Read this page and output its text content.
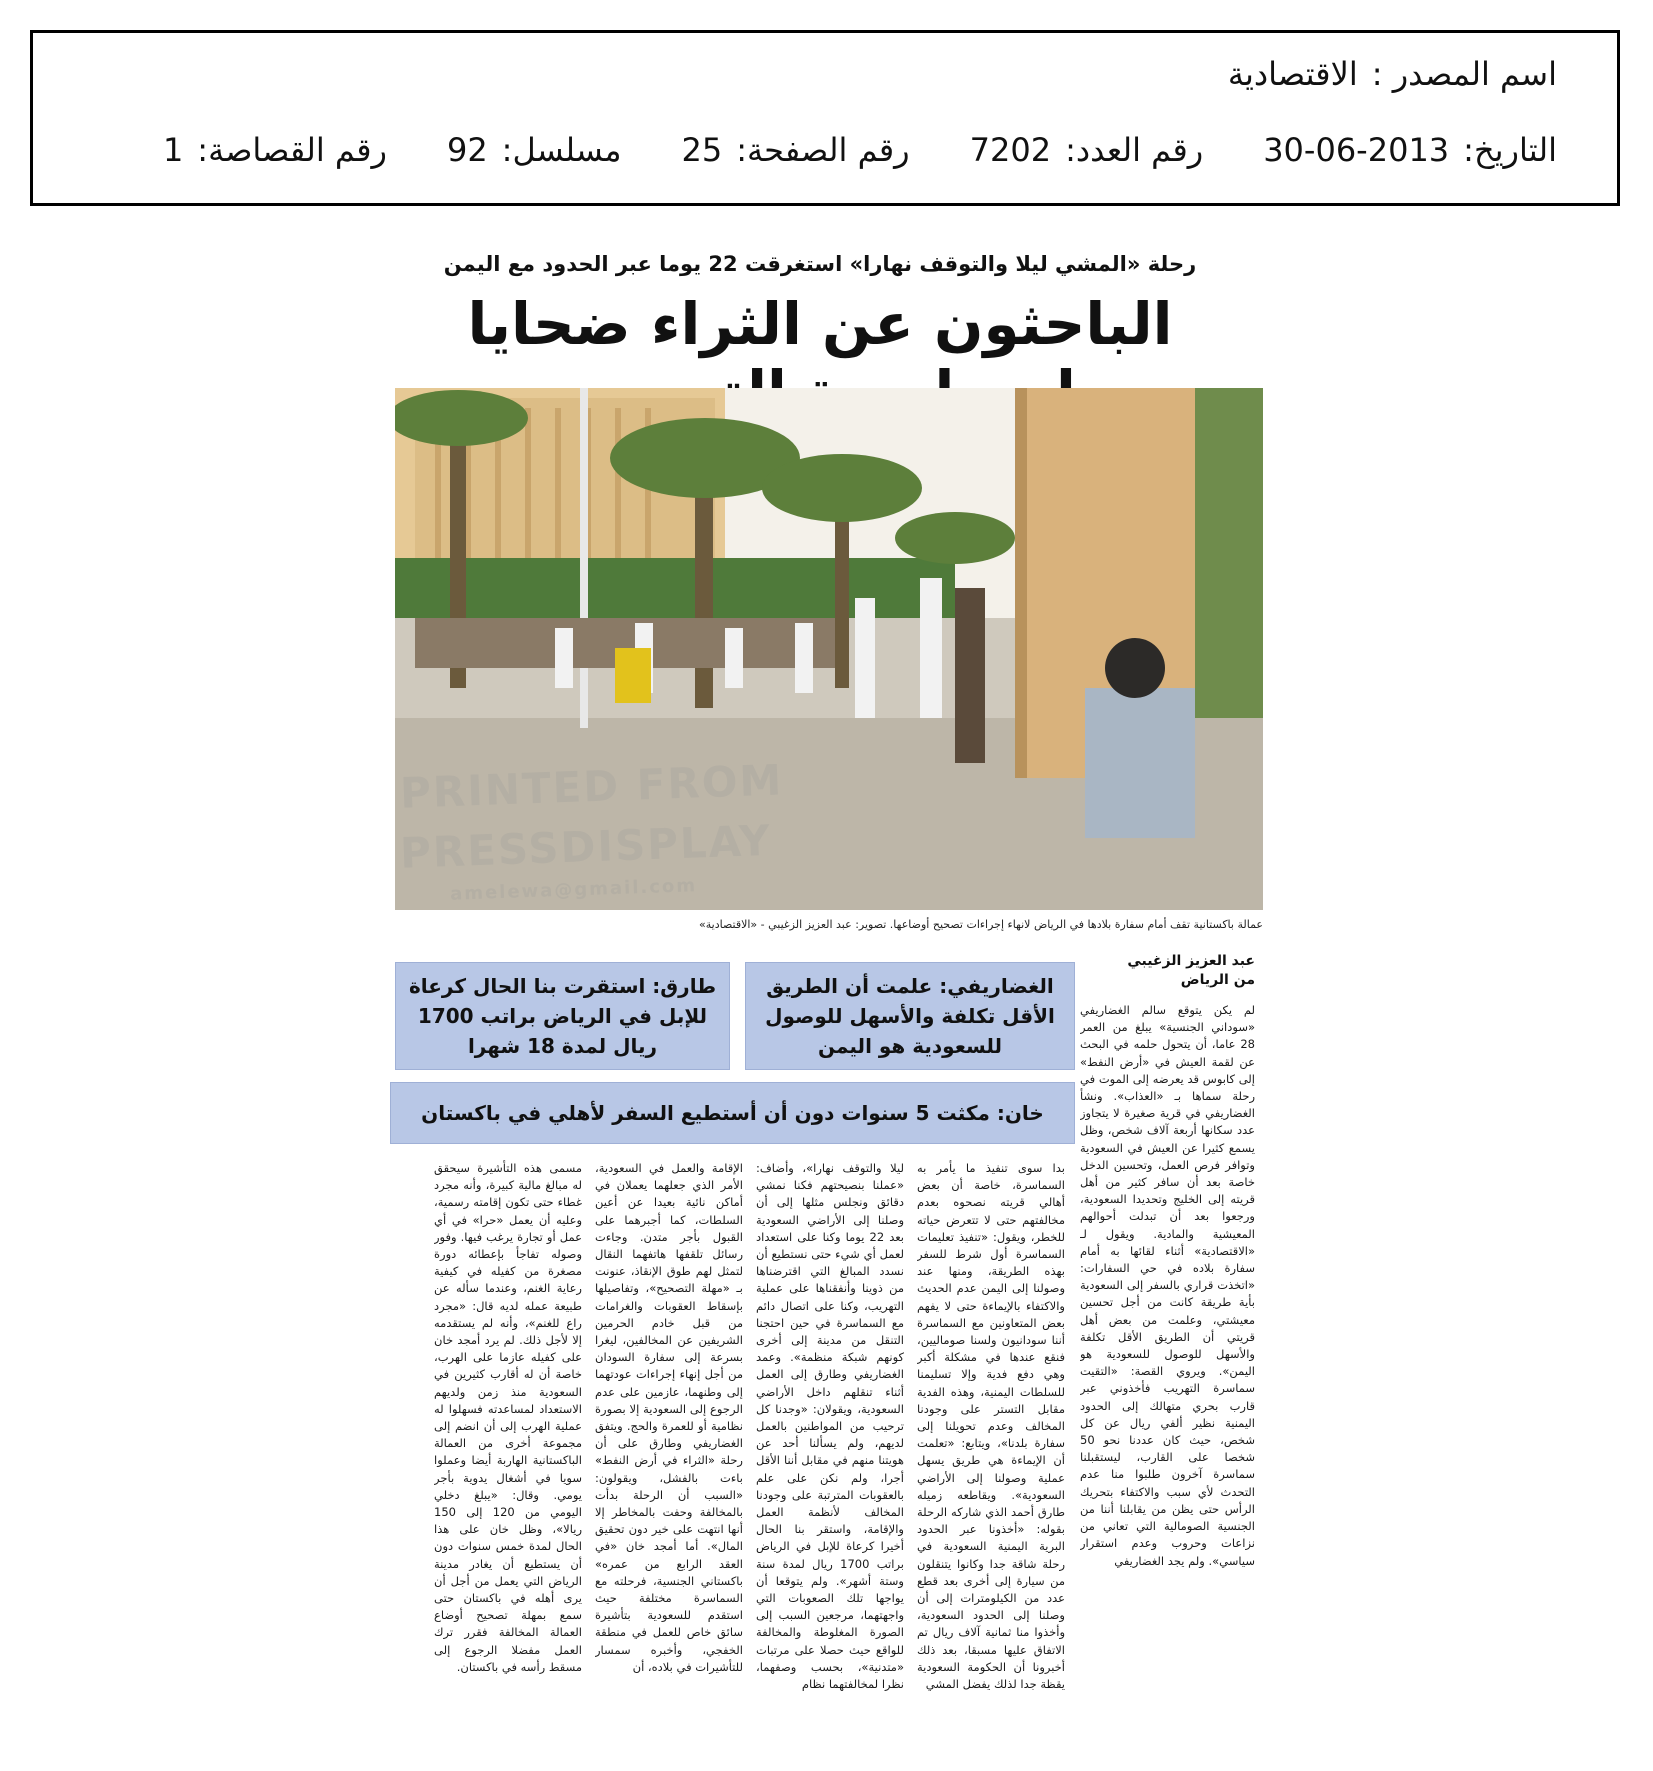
اسم المصدر :الاقتصادية
التاريخ:2013-06-30رقم العدد:7202رقم الصفحة:25مسلسل:92رقم القصاصة:1
رحلة «المشي ليلا والتوقف نهارا» استغرقت 22 يوما عبر الحدود مع اليمن
الباحثون عن الثراء ضحايا
عمالة باكستانية تقف أمام سفارة بلادها في الرياض لانهاء إجراءات تصحيح أوضاعها. تصوير: عبد العزيز الزغيبي - «الاقتصادية»
عبد العزيز الزغيبي
من الرياض
الغضاريفي: علمت أن الطريق الأقل تكلفة والأسهل للوصول للسعودية هو اليمن
طارق: استقرت بنا الحال كرعاة للإبل في الرياض براتب 1700 ريال لمدة 18 شهرا
خان: مكثت 5 سنوات دون أن أستطيع السفر لأهلي في باكستان
لم يكن يتوقع سالم الغضاريفي «سوداني الجنسية» يبلغ من العمر 28 عاما، أن يتحول حلمه في البحث عن لقمة العيش في «أرض النفط» إلى كابوس قد يعرضه إلى الموت في رحلة سماها بـ «العذاب». ونشأ الغضاريفي في قرية صغيرة لا يتجاوز عدد سكانها أربعة آلاف شخص، وظل يسمع كثيرا عن العيش في السعودية وتوافر فرص العمل، وتحسين الدخل خاصة بعد أن سافر كثير من أهل قريته إلى الخليج وتحديدا السعودية، ورجعوا بعد أن تبدلت أحوالهم المعيشية والمادية. ويقول لـ «الاقتصادية» أثناء لقائها به أمام سفارة بلاده في حي السفارات: «اتخذت قراري بالسفر إلى السعودية بأية طريقة كانت من أجل تحسين معيشتي، وعلمت من بعض أهل قريتي أن الطريق الأقل تكلفة والأسهل للوصول للسعودية هو اليمن». ويروي القصة: «التقيت سماسرة التهريب فأخذوني عبر قارب بحري متهالك إلى الحدود اليمنية نظير ألفي ريال عن كل شخص، حيث كان عددنا نحو 50 شخصا على القارب، ليستقبلنا سماسرة آخرون طلبوا منا عدم التحدث لأي سبب والاكتفاء بتحريك الرأس حتى يظن من يقابلنا أننا من الجنسية الصومالية التي تعاني من نزاعات وحروب وعدم استقرار سياسي». ولم يجد الغضاريفي
بدا سوى تنفيذ ما يأمر به السماسرة، خاصة أن بعض أهالي قريته نصحوه بعدم مخالفتهم حتى لا تتعرض حياته للخطر، ويقول: «تنفيذ تعليمات السماسرة أول شرط للسفر بهذه الطريقة، ومنها عند وصولنا إلى اليمن عدم الحديث والاكتفاء بالإيماءة حتى لا يفهم بعض المتعاونين مع السماسرة أننا سودانيون ولسنا صوماليين، فنقع عندها في مشكلة أكبر وهي دفع فدية وإلا تسليمنا للسلطات اليمنية، وهذه الفدية مقابل التستر على وجودنا المخالف وعدم تحويلنا إلى سفارة بلدنا»، ويتابع: «تعلمت أن الإيماءة هي طريق يسهل عملية وصولنا إلى الأراضي السعودية». ويقاطعه زميله طارق أحمد الذي شاركه الرحلة بقوله: «أخذونا عبر الحدود البرية اليمنية السعودية في رحلة شاقة جدا وكانوا يتنقلون من سيارة إلى أخرى بعد قطع عدد من الكيلومترات إلى أن وصلنا إلى الحدود السعودية، وأخذوا منا ثمانية آلاف ريال تم الاتفاق عليها مسبقا، بعد ذلك أخبرونا أن الحكومة السعودية يقظة جدا لذلك يفضل المشي
ليلا والتوقف نهارا»، وأضاف: «عملنا بنصيحتهم فكنا نمشي دقائق ونجلس مثلها إلى أن وصلنا إلى الأراضي السعودية بعد 22 يوما وكنا على استعداد لعمل أي شيء حتى نستطيع أن نسدد المبالغ التي اقترضناها من ذوينا وأنفقناها على عملية التهريب، وكنا على اتصال دائم مع السماسرة في حين احتجنا التنقل من مدينة إلى أخرى كونهم شبكة منظمة». وعمد الغضاريفي وطارق إلى العمل أثناء تنقلهم داخل الأراضي السعودية، ويقولان: «وجدنا كل ترحيب من المواطنين بالعمل لديهم، ولم يسألنا أحد عن هويتنا منهم في مقابل أننا الأقل أجرا، ولم نكن على علم بالعقوبات المترتبة على وجودنا المخالف لأنظمة العمل والإقامة، واستقر بنا الحال أخيرا كرعاة للإبل في الرياض براتب 1700 ريال لمدة سنة وستة أشهر». ولم يتوقعا أن يواجها تلك الصعوبات التي واجهتهما، مرجعين السبب إلى الصورة المغلوطة والمخالفة للواقع حيث حصلا على مرتبات «متدنية»، بحسب وصفهما، نظرا لمخالفتهما نظام
الإقامة والعمل في السعودية، الأمر الذي جعلهما يعملان في أماكن نائية بعيدا عن أعين السلطات، كما أجبرهما على القبول بأجر متدن. وجاءت رسائل تلقفها هاتفهما النقال لتمثل لهم طوق الإنقاذ، عنونت بـ «مهلة التصحيح»، وتفاصيلها بإسقاط العقوبات والغرامات من قبل خادم الحرمين الشريفين عن المخالفين، ليغرا بسرعة إلى سفارة السودان من أجل إنهاء إجراءات عودتهما إلى وطنهما، عازمين على عدم الرجوع إلى السعودية إلا بصورة نظامية أو للعمرة والحج. ويتفق الغضاريفي وطارق على أن رحلة «الثراء في أرض النفط» باءت بالفشل، ويقولون: «السبب أن الرحلة بدأت بالمخالفة وحفت بالمخاطر إلا أنها انتهت على خير دون تحقيق المال». أما أمجد خان «في العقد الرابع من عمره» باكستاني الجنسية، فرحلته مع السماسرة مختلفة حيث استقدم للسعودية بتأشيرة سائق خاص للعمل في منطقة الخفجي، وأخبره سمسار للتأشيرات في بلاده، أن
مسمى هذه التأشيرة سيحقق له مبالغ مالية كبيرة، وأنه مجرد غطاء حتى تكون إقامته رسمية، وعليه أن يعمل «حرا» في أي عمل أو تجارة يرغب فيها. وفور وصوله تفاجأ بإعطائه دورة مصغرة من كفيله في كيفية رعاية الغنم، وعندما سأله عن طبيعة عمله لديه قال: «مجرد راع للغنم»، وأنه لم يستقدمه إلا لأجل ذلك. لم يرد أمجد خان على كفيله عازما على الهرب، خاصة أن له أقارب كثيرين في السعودية منذ زمن ولديهم الاستعداد لمساعدته فسهلوا له عملية الهرب إلى أن انضم إلى مجموعة أخرى من العمالة الباكستانية الهاربة أيضا وعملوا سويا في أشغال يدوية بأجر يومي. وقال: «يبلغ دخلي اليومي من 120 إلى 150 ريالا»، وظل خان على هذا الحال لمدة خمس سنوات دون أن يستطيع أن يغادر مدينة الرياض التي يعمل من أجل أن يرى أهله في باكستان حتى سمع بمهلة تصحيح أوضاع العمالة المخالفة فقرر ترك العمل مفضلا الرجوع إلى مسقط رأسه في باكستان.
PRINTED FROM
PRESSDISPLAY
amelewa@gmail.com
